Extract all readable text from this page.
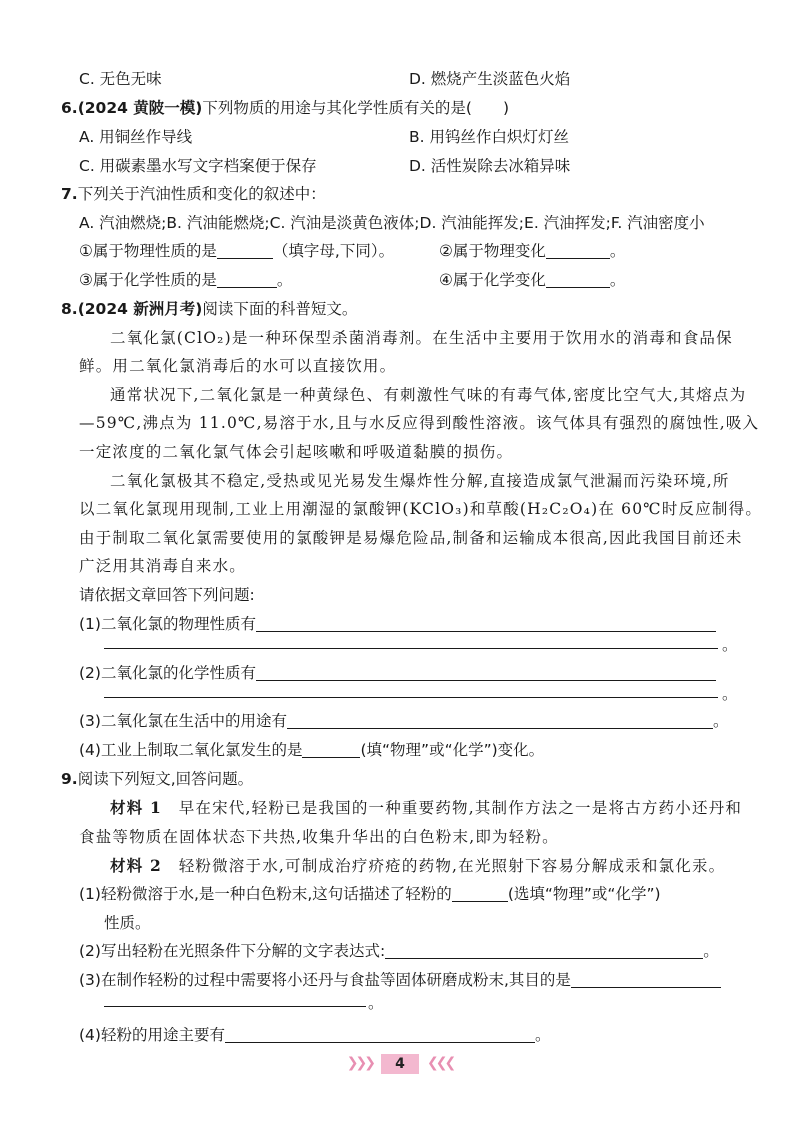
C. 无色无味	D. 燃烧产生淡蓝色火焰
6.(2024 黄陂一模)下列物质的用途与其化学性质有关的是(　　)
A. 用铜丝作导线	B. 用钨丝作白炽灯灯丝
C. 用碳素墨水写文字档案便于保存	D. 活性炭除去冰箱异味
7.下列关于汽油性质和变化的叙述中：
A. 汽油燃烧;B. 汽油能燃烧;C. 汽油是淡黄色液体;D. 汽油能挥发;E. 汽油挥发;F. 汽油密度小
①属于物理性质的是	（填字母,下同）。	②属于物理变化	。
③属于化学性质的是	。	④属于化学变化	。
8.(2024 新洲月考)阅读下面的科普短文。
二氧化氯(ClO₂)是一种环保型杀菌消毒剂。在生活中主要用于饮用水的消毒和食品保
鲜。用二氧化氯消毒后的水可以直接饮用。
通常状况下,二氧化氯是一种黄绿色、有刺激性气味的有毒气体,密度比空气大,其熔点为
—59℃,沸点为 11.0℃,易溶于水,且与水反应得到酸性溶液。该气体具有强烈的腐蚀性,吸入
一定浓度的二氧化氯气体会引起咳嗽和呼吸道黏膜的损伤。
二氧化氯极其不稳定,受热或见光易发生爆炸性分解,直接造成氯气泄漏而污染环境,所
以二氧化氯现用现制,工业上用潮湿的氯酸钾(KClO₃)和草酸(H₂C₂O₄)在 60℃时反应制得。
由于制取二氧化氯需要使用的氯酸钾是易爆危险品,制备和运输成本很高,因此我国目前还未
广泛用其消毒自来水。
请依据文章回答下列问题:
(1)二氧化氯的物理性质有
。
(2)二氧化氯的化学性质有
。
(3)二氧化氯在生活中的用途有	。
(4)工业上制取二氧化氯发生的是	(填“物理”或“化学”)变化。
9.阅读下列短文,回答问题。
材料 1　 早在宋代,轻粉已是我国的一种重要药物,其制作方法之一是将古方药小还丹和
食盐等物质在固体状态下共热,收集升华出的白色粉末,即为轻粉。
材料 2　 轻粉微溶于水,可制成治疗疥疮的药物,在光照射下容易分解成汞和氯化汞。
(1)轻粉微溶于水,是一种白色粉末,这句话描述了轻粉的	(选填“物理”或“化学”)
性质。
(2)写出轻粉在光照条件下分解的文字表达式:	。
(3)在制作轻粉的过程中需要将小还丹与食盐等固体研磨成粉末,其目的是
。
(4)轻粉的用途主要有	。
❯❯❯ 4 ❮❮❮
